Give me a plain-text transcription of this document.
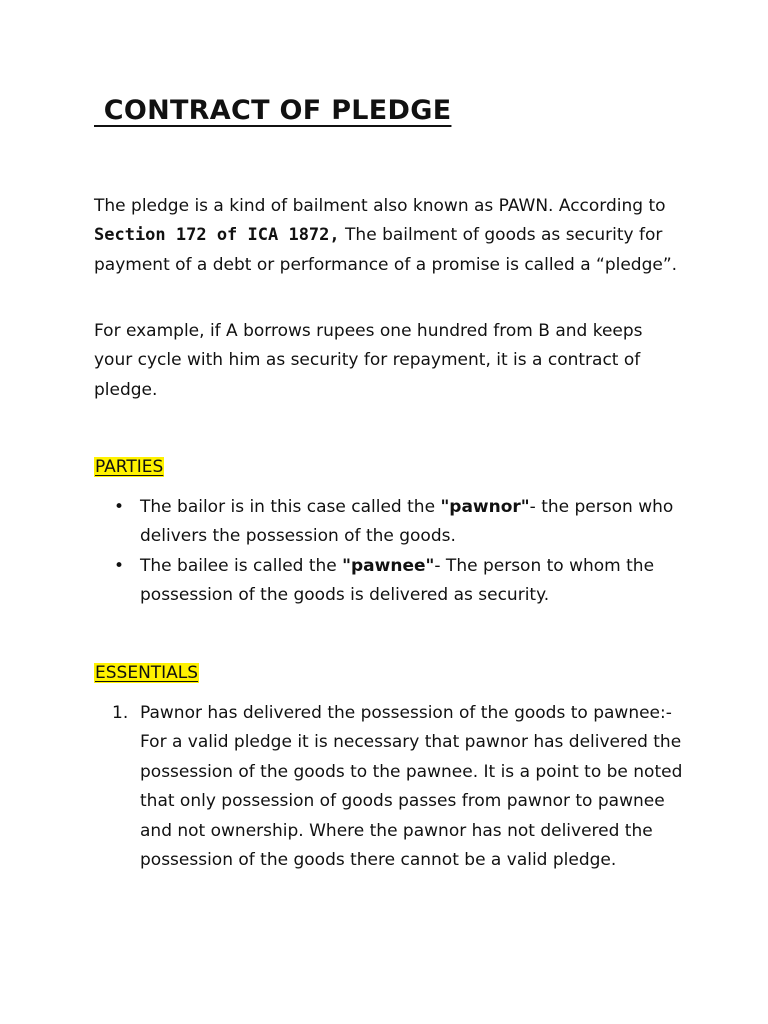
CONTRACT OF PLEDGE

The pledge is a kind of bailment also known as PAWN. According to Section 172 of ICA 1872, The bailment of goods as security for payment of a debt or performance of a promise is called a “pledge”.

For example, if A borrows rupees one hundred from B and keeps your cycle with him as security for repayment, it is a contract of pledge.

PARTIES
• The bailor is in this case called the "pawnor"- the person who delivers the possession of the goods.
• The bailee is called the "pawnee"- The person to whom the possession of the goods is delivered as security.
ESSENTIALS
1. Pawnor has delivered the possession of the goods to pawnee:-For a valid pledge it is necessary that pawnor has delivered the possession of the goods to the pawnee. It is a point to be noted that only possession of goods passes from pawnor to pawnee and not ownership. Where the pawnor has not delivered the possession of the goods there cannot be a valid pledge.
